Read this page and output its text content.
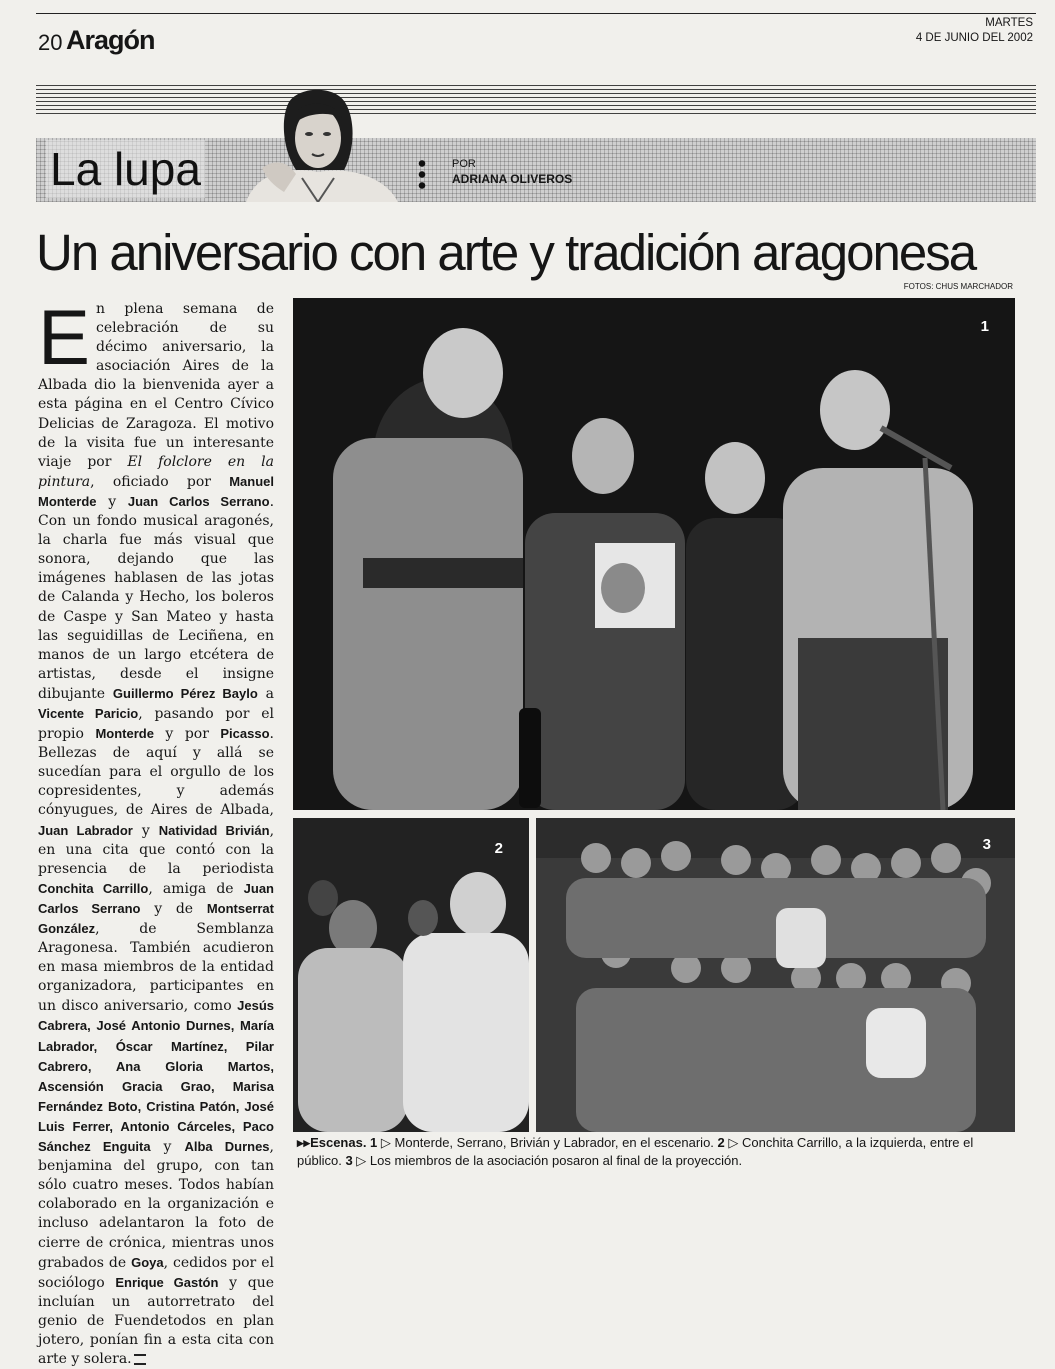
20 Aragón
MARTES
4 DE JUNIO DEL 2002
La lupa	POR
ADRIANA OLIVEROS
Un aniversario con arte y tradición aragonesa
FOTOS: CHUS MARCHADOR

En plena semana de celebración de su décimo aniversario, la asociación Aires de la Albada dio la bienvenida ayer a esta página en el Centro Cívico Delicias de Zaragoza. El motivo de la visita fue un interesante viaje por El folclore en la pintura, oficiado por Manuel Monterde y Juan Carlos Serrano. Con un fondo musical aragonés, la charla fue más visual que sonora, dejando que las imágenes hablasen de las jotas de Calanda y Hecho, los boleros de Caspe y San Mateo y hasta las seguidillas de Leciñena, en manos de un largo etcétera de artistas, desde el insigne dibujante Guillermo Pérez Baylo a Vicente Paricio, pasando por el propio Monterde y por Picasso. Bellezas de aquí y allá se sucedían para el orgullo de los copresidentes, y además cónyugues, de Aires de Albada, Juan Labrador y Natividad Brivián, en una cita que contó con la presencia de la periodista Conchita Carrillo, amiga de Juan Carlos Serrano y de Montserrat González, de Semblanza Aragonesa. También acudieron en masa miembros de la entidad organizadora, participantes en un disco aniversario, como Jesús Cabrera, José Antonio Durnes, María Labrador, Óscar Martínez, Pilar Cabrero, Ana Gloria Martos, Ascensión Gracia Grao, Marisa Fernández Boto, Cristina Patón, José Luis Ferrer, Antonio Cárceles, Paco Sánchez Enguita y Alba Durnes, benjamina del grupo, con tan sólo cuatro meses. Todos habían colaborado en la organización e incluso adelantaron la foto de cierre de crónica, mientras unos grabados de Goya, cedidos por el sociólogo Enrique Gastón y que incluían un autorretrato del genio de Fuendetodos en plan jotero, ponían fin a esta cita con arte y solera.

1
2	3
▸▸Escenas. 1 ▷ Monterde, Serrano, Brivián y Labrador, en el escenario. 2 ▷ Conchita Carrillo, a la izquierda, entre el público. 3 ▷ Los miembros de la asociación posaron al final de la proyección.
